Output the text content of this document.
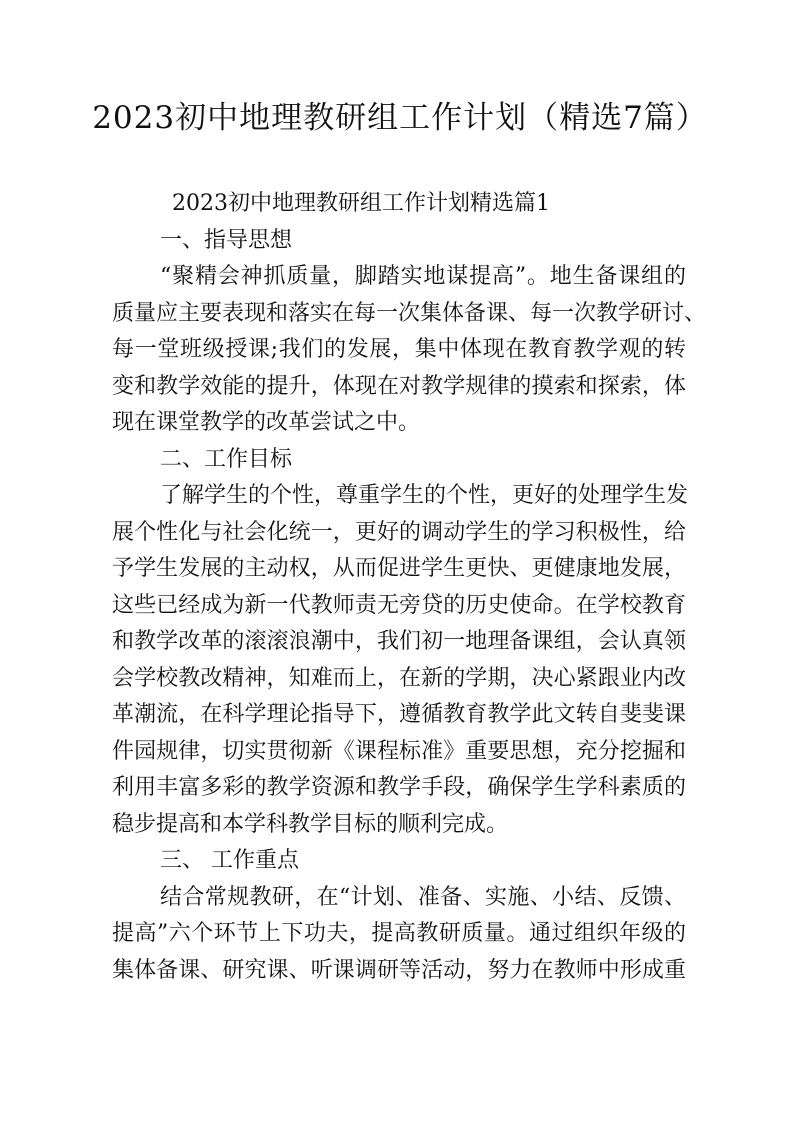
2023初中地理教研组工作计划（精选7篇）
2023初中地理教研组工作计划精选篇1
一、指导思想
“聚精会神抓质量，脚踏实地谋提高”。地生备课组的
质量应主要表现和落实在每一次集体备课、每一次教学研讨、
每一堂班级授课;我们的发展，集中体现在教育教学观的转
变和教学效能的提升，体现在对教学规律的摸索和探索，体
现在课堂教学的改革尝试之中。
二、工作目标
了解学生的个性，尊重学生的个性，更好的处理学生发
展个性化与社会化统一，更好的调动学生的学习积极性，给
予学生发展的主动权，从而促进学生更快、更健康地发展，
这些已经成为新一代教师责无旁贷的历史使命。在学校教育
和教学改革的滚滚浪潮中，我们初一地理备课组，会认真领
会学校教改精神，知难而上，在新的学期，决心紧跟业内改
革潮流，在科学理论指导下，遵循教育教学此文转自斐斐课
件园规律，切实贯彻新《课程标准》重要思想，充分挖掘和
利用丰富多彩的教学资源和教学手段，确保学生学科素质的
稳步提高和本学科教学目标的顺利完成。
三、 工作重点
结合常规教研，在“计划、准备、实施、小结、反馈、
提高”六个环节上下功夫，提高教研质量。通过组织年级的
集体备课、研究课、听课调研等活动，努力在教师中形成重
